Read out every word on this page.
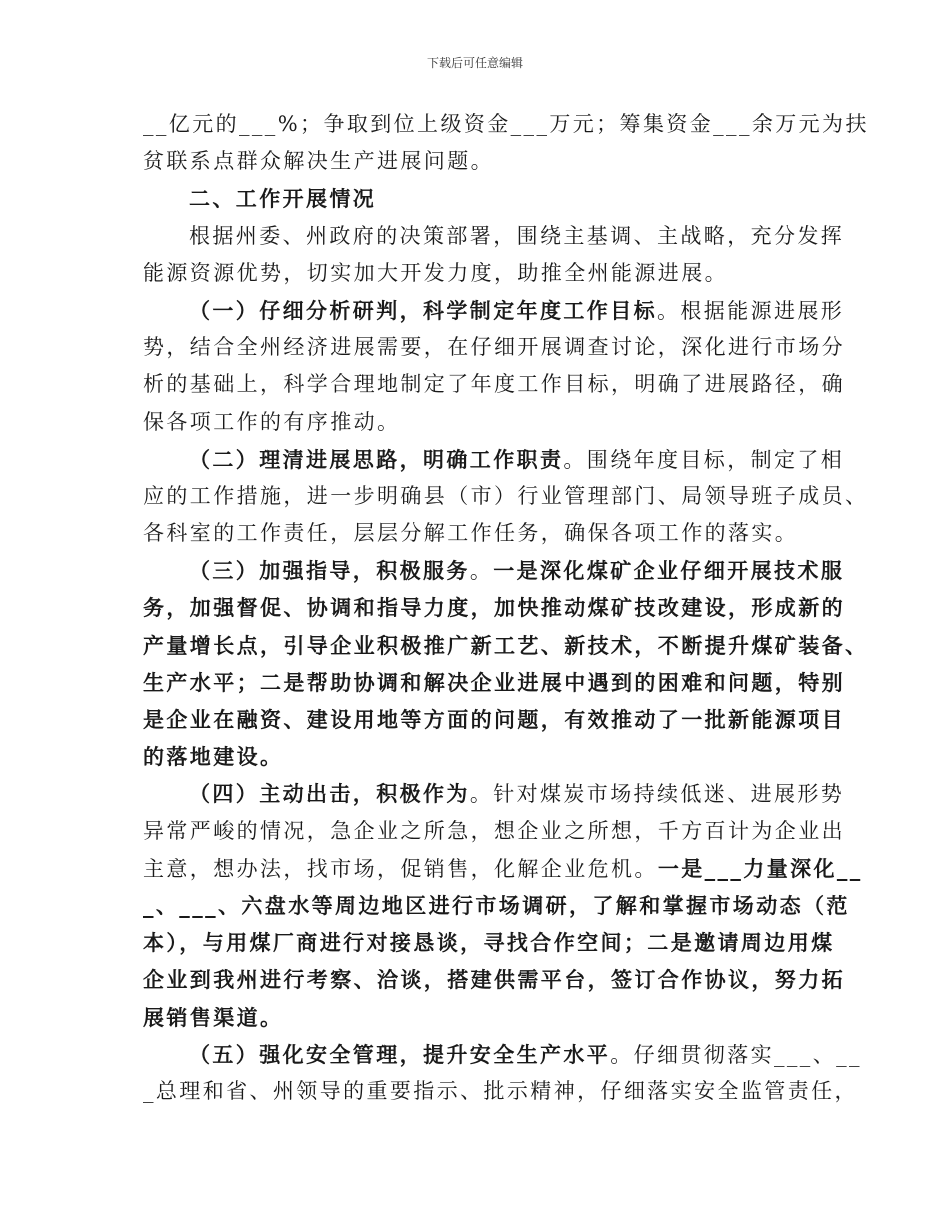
下载后可任意编辑
__亿元的___%；争取到位上级资金___万元；筹集资金___余万元为扶
贫联系点群众解决生产进展问题。
二、工作开展情况
根据州委、州政府的决策部署，围绕主基调、主战略，充分发挥
能源资源优势，切实加大开发力度，助推全州能源进展。
（一）仔细分析研判，科学制定年度工作目标。根据能源进展形
势，结合全州经济进展需要，在仔细开展调查讨论，深化进行市场分
析的基础上，科学合理地制定了年度工作目标，明确了进展路径，确
保各项工作的有序推动。
（二）理清进展思路，明确工作职责。围绕年度目标，制定了相
应的工作措施，进一步明确县（市）行业管理部门、局领导班子成员、
各科室的工作责任，层层分解工作任务，确保各项工作的落实。
（三）加强指导，积极服务。一是深化煤矿企业仔细开展技术服
务，加强督促、协调和指导力度，加快推动煤矿技改建设，形成新的
产量增长点，引导企业积极推广新工艺、新技术，不断提升煤矿装备、
生产水平；二是帮助协调和解决企业进展中遇到的困难和问题，特别
是企业在融资、建设用地等方面的问题，有效推动了一批新能源项目
的落地建设。
（四）主动出击，积极作为。针对煤炭市场持续低迷、进展形势
异常严峻的情况，急企业之所急，想企业之所想，千方百计为企业出
主意，想办法，找市场，促销售，化解企业危机。一是___力量深化__
_、___、六盘水等周边地区进行市场调研，了解和掌握市场动态（范
本），与用煤厂商进行对接恳谈，寻找合作空间；二是邀请周边用煤
企业到我州进行考察、洽谈，搭建供需平台，签订合作协议，努力拓
展销售渠道。
（五）强化安全管理，提升安全生产水平。仔细贯彻落实___、__
_总理和省、州领导的重要指示、批示精神，仔细落实安全监管责任，
